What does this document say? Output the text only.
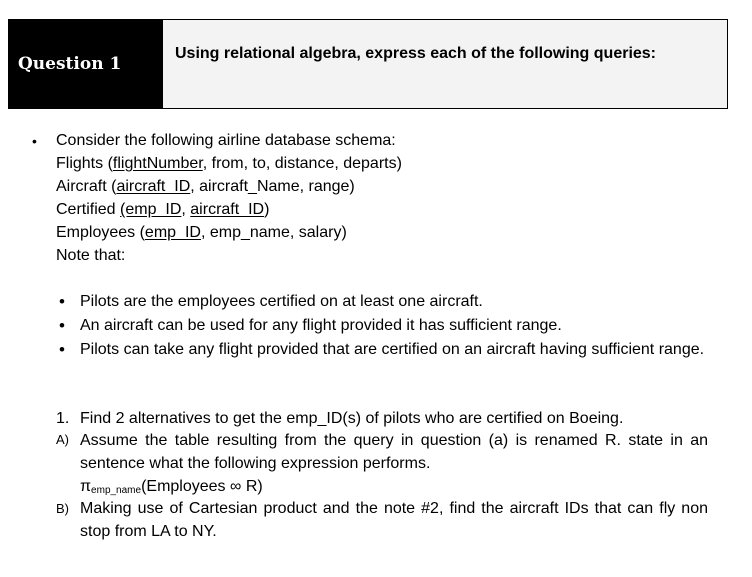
Question 1
Using relational algebra, express each of the following queries:
• Consider the following airline database schema:
Flights (flightNumber, from, to, distance, departs)
Aircraft (aircraft_ID, aircraft_Name, range)
Certified (emp_ID, aircraft_ID)
Employees (emp_ID, emp_name, salary)
Note that:
• Pilots are the employees certified on at least one aircraft.
• An aircraft can be used for any flight provided it has sufficient range.
• Pilots can take any flight provided that are certified on an aircraft having sufficient range.
1. Find 2 alternatives to get the emp_ID(s) of pilots who are certified on Boeing.
A) Assume the table resulting from the query in question (a) is renamed R. state in an sentence what the following expression performs.
$\pi_{emp\_name}(Employees$ ∞ R)
B) Making use of Cartesian product and the note #2, find the aircraft IDs that can fly non stop from LA to NY.
